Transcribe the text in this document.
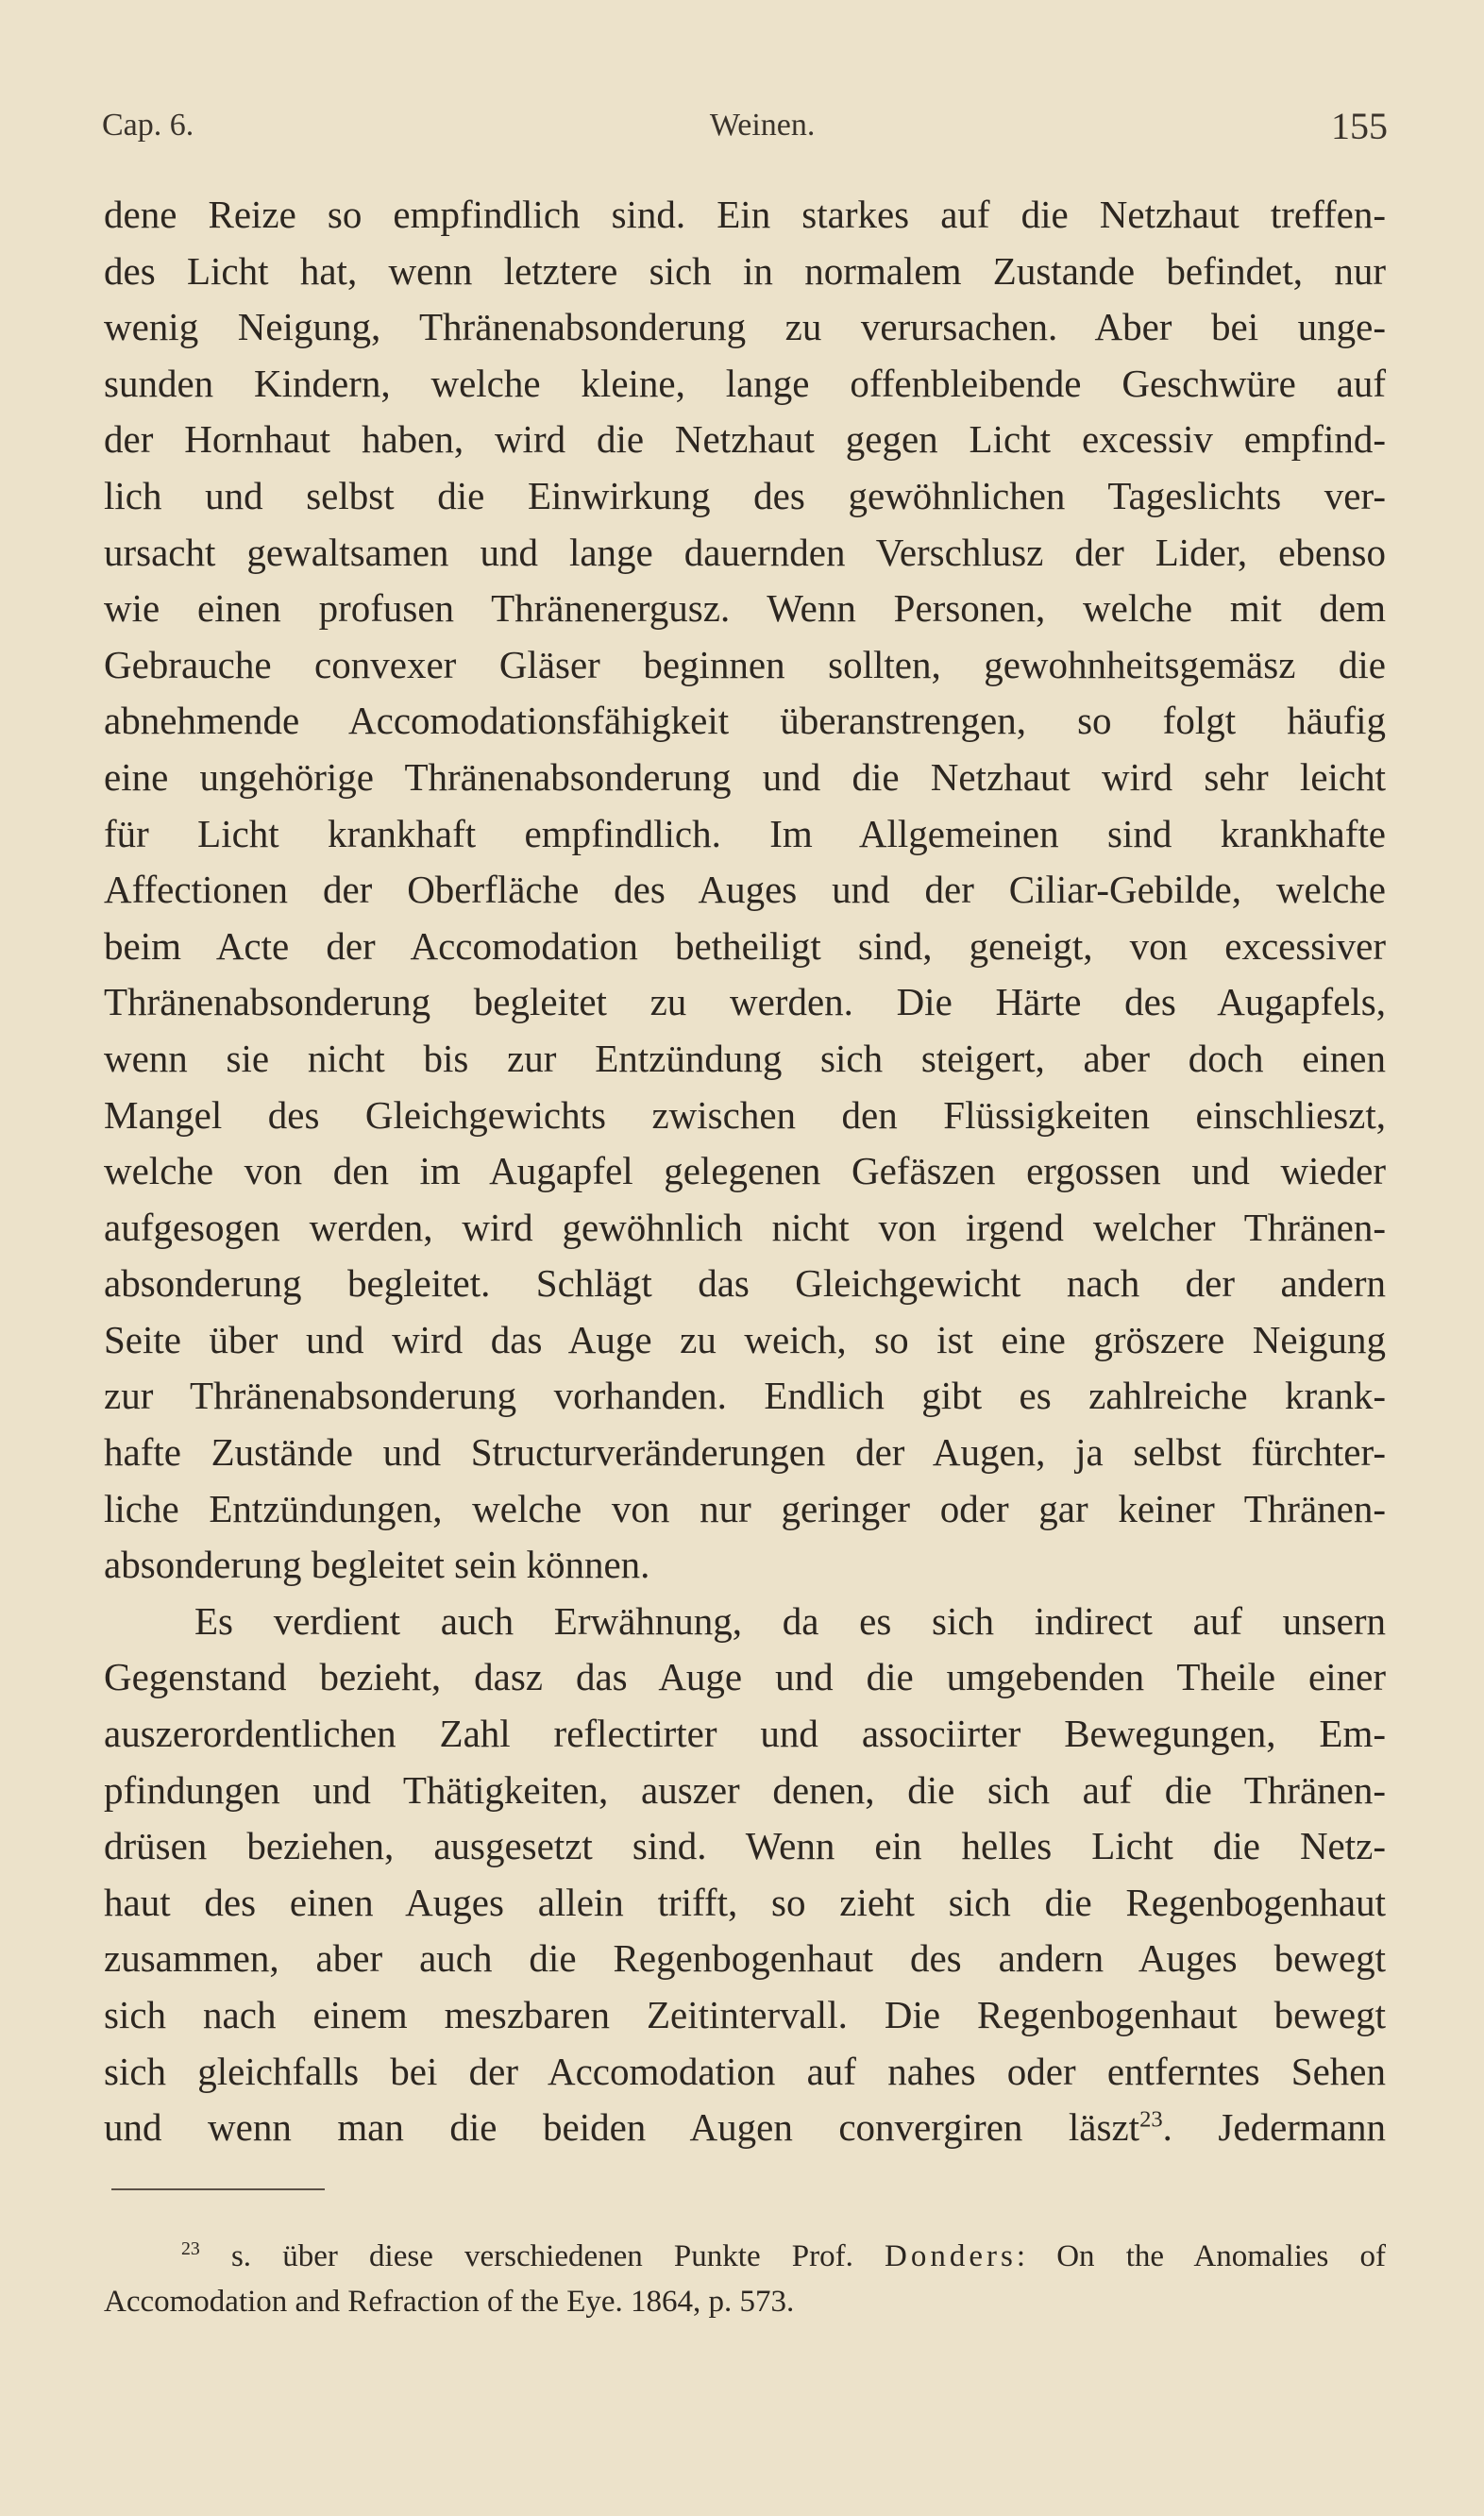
Cap. 6.	Weinen.	155
dene Reize so empfindlich sind. Ein starkes auf die Netzhaut treffen-
des Licht hat, wenn letztere sich in normalem Zustande befindet, nur
wenig Neigung, Thränenabsonderung zu verursachen. Aber bei unge-
sunden Kindern, welche kleine, lange offenbleibende Geschwüre auf
der Hornhaut haben, wird die Netzhaut gegen Licht excessiv empfind-
lich und selbst die Einwirkung des gewöhnlichen Tageslichts ver-
ursacht gewaltsamen und lange dauernden Verschlusz der Lider, ebenso
wie einen profusen Thränenergusz. Wenn Personen, welche mit dem
Gebrauche convexer Gläser beginnen sollten, gewohnheitsgemäsz die
abnehmende Accomodationsfähigkeit überanstrengen, so folgt häufig
eine ungehörige Thränenabsonderung und die Netzhaut wird sehr leicht
für Licht krankhaft empfindlich. Im Allgemeinen sind krankhafte
Affectionen der Oberfläche des Auges und der Ciliar-Gebilde, welche
beim Acte der Accomodation betheiligt sind, geneigt, von excessiver
Thränenabsonderung begleitet zu werden. Die Härte des Augapfels,
wenn sie nicht bis zur Entzündung sich steigert, aber doch einen
Mangel des Gleichgewichts zwischen den Flüssigkeiten einschlieszt,
welche von den im Augapfel gelegenen Gefäszen ergossen und wieder
aufgesogen werden, wird gewöhnlich nicht von irgend welcher Thränen-
absonderung begleitet. Schlägt das Gleichgewicht nach der andern
Seite über und wird das Auge zu weich, so ist eine gröszere Neigung
zur Thränenabsonderung vorhanden. Endlich gibt es zahlreiche krank-
hafte Zustände und Structurveränderungen der Augen, ja selbst fürchter-
liche Entzündungen, welche von nur geringer oder gar keiner Thränen-
absonderung begleitet sein können.
Es verdient auch Erwähnung, da es sich indirect auf unsern
Gegenstand bezieht, dasz das Auge und die umgebenden Theile einer
auszerordentlichen Zahl reflectirter und associirter Bewegungen, Em-
pfindungen und Thätigkeiten, auszer denen, die sich auf die Thränen-
drüsen beziehen, ausgesetzt sind. Wenn ein helles Licht die Netz-
haut des einen Auges allein trifft, so zieht sich die Regenbogenhaut
zusammen, aber auch die Regenbogenhaut des andern Auges bewegt
sich nach einem meszbaren Zeitintervall. Die Regenbogenhaut bewegt
sich gleichfalls bei der Accomodation auf nahes oder entferntes Sehen
und wenn man die beiden Augen convergiren läszt$^{23}$. Jedermann
$^{23}$ s. über diese verschiedenen Punkte Prof. Donders: On the Anomalies of
Accomodation and Refraction of the Eye. 1864, p. 573.
